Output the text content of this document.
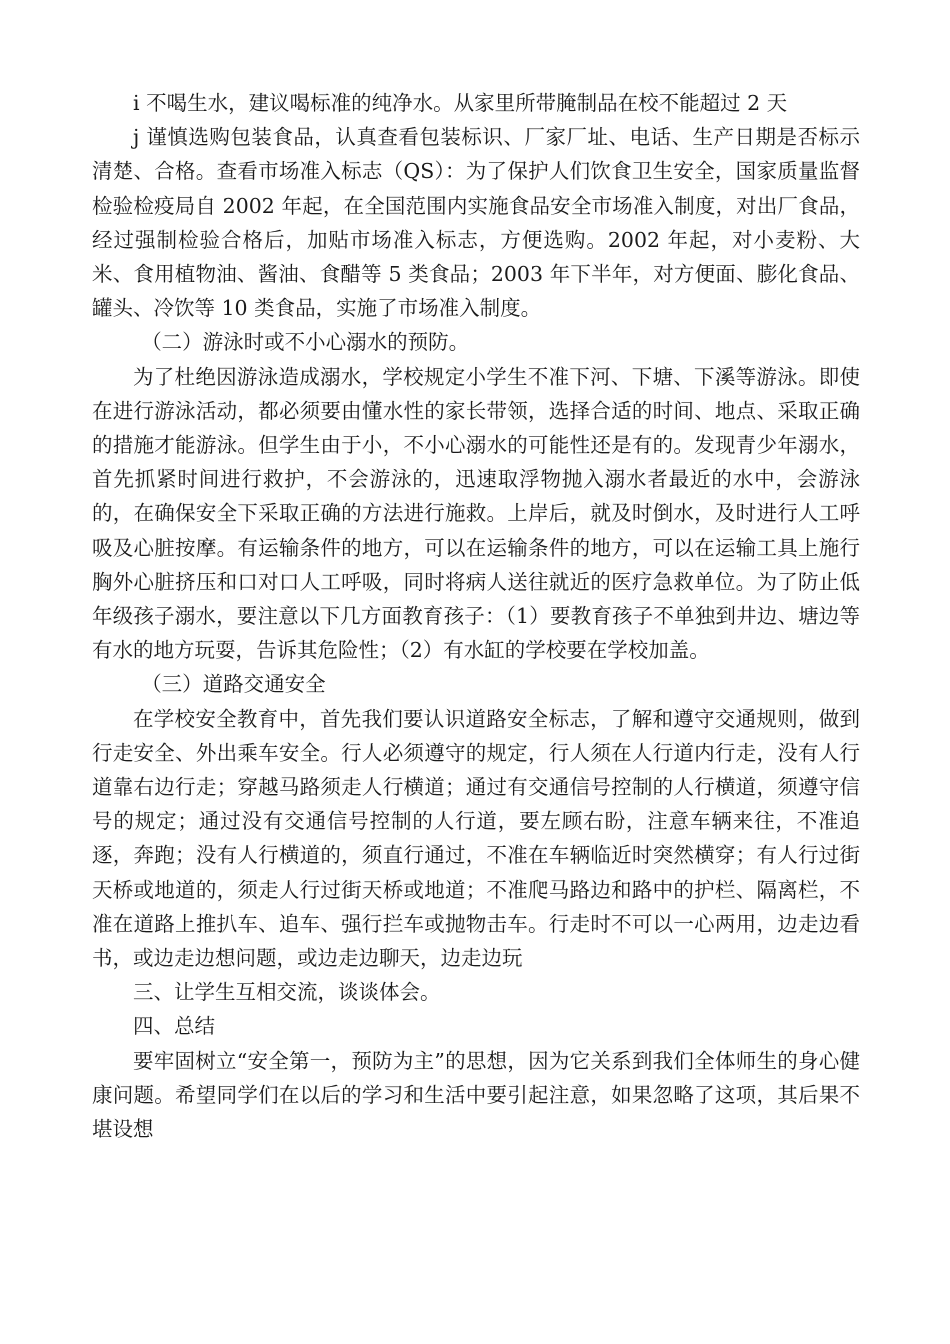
i 不喝生水，建议喝标准的纯净水。从家里所带腌制品在校不能超过 2 天

j 谨慎选购包装食品，认真查看包装标识、厂家厂址、电话、生产日期是否标示清楚、合格。查看市场准入标志（QS）：为了保护人们饮食卫生安全，国家质量监督检验检疫局自 2002 年起，在全国范围内实施食品安全市场准入制度，对出厂食品，经过强制检验合格后，加贴市场准入标志，方便选购。2002 年起，对小麦粉、大米、食用植物油、酱油、食醋等 5 类食品；2003 年下半年，对方便面、膨化食品、罐头、冷饮等 10 类食品，实施了市场准入制度。

（二）游泳时或不小心溺水的预防。

为了杜绝因游泳造成溺水，学校规定小学生不准下河、下塘、下溪等游泳。即使在进行游泳活动，都必须要由懂水性的家长带领，选择合适的时间、地点、采取正确的措施才能游泳。但学生由于小，不小心溺水的可能性还是有的。发现青少年溺水，首先抓紧时间进行救护，不会游泳的，迅速取浮物抛入溺水者最近的水中，会游泳的，在确保安全下采取正确的方法进行施救。上岸后，就及时倒水，及时进行人工呼吸及心脏按摩。有运输条件的地方，可以在运输条件的地方，可以在运输工具上施行胸外心脏挤压和口对口人工呼吸，同时将病人送往就近的医疗急救单位。为了防止低年级孩子溺水，要注意以下几方面教育孩子：（1）要教育孩子不单独到井边、塘边等有水的地方玩耍，告诉其危险性；（2）有水缸的学校要在学校加盖。

（三）道路交通安全

在学校安全教育中，首先我们要认识道路安全标志，了解和遵守交通规则，做到行走安全、外出乘车安全。行人必须遵守的规定，行人须在人行道内行走，没有人行道靠右边行走；穿越马路须走人行横道；通过有交通信号控制的人行横道，须遵守信号的规定；通过没有交通信号控制的人行道，要左顾右盼，注意车辆来往，不准追逐，奔跑；没有人行横道的，须直行通过，不准在车辆临近时突然横穿；有人行过街天桥或地道的，须走人行过街天桥或地道；不准爬马路边和路中的护栏、隔离栏，不准在道路上推扒车、追车、强行拦车或抛物击车。行走时不可以一心两用，边走边看书，或边走边想问题，或边走边聊天，边走边玩

三、让学生互相交流，谈谈体会。

四、总结

要牢固树立“安全第一，预防为主”的思想，因为它关系到我们全体师生的身心健康问题。希望同学们在以后的学习和生活中要引起注意，如果忽略了这项，其后果不堪设想
